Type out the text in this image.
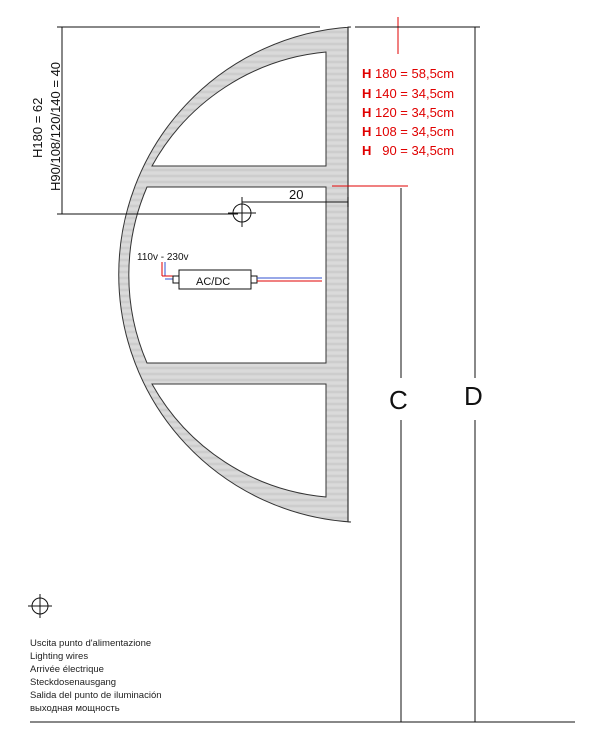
H180 = 62 H90/108/120/140 = 40
20
H 180 = 58,5cm
H 140 = 34,5cm
H 120 = 34,5cm
H 108 = 34,5cm
H   90 = 34,5cm
C D
110v - 230v
AC/DC
Uscita punto d'alimentazione
Lighting wires
Arrivée électrique
Steckdosenausgang
Salida del punto de iluminación
выходная мощность
